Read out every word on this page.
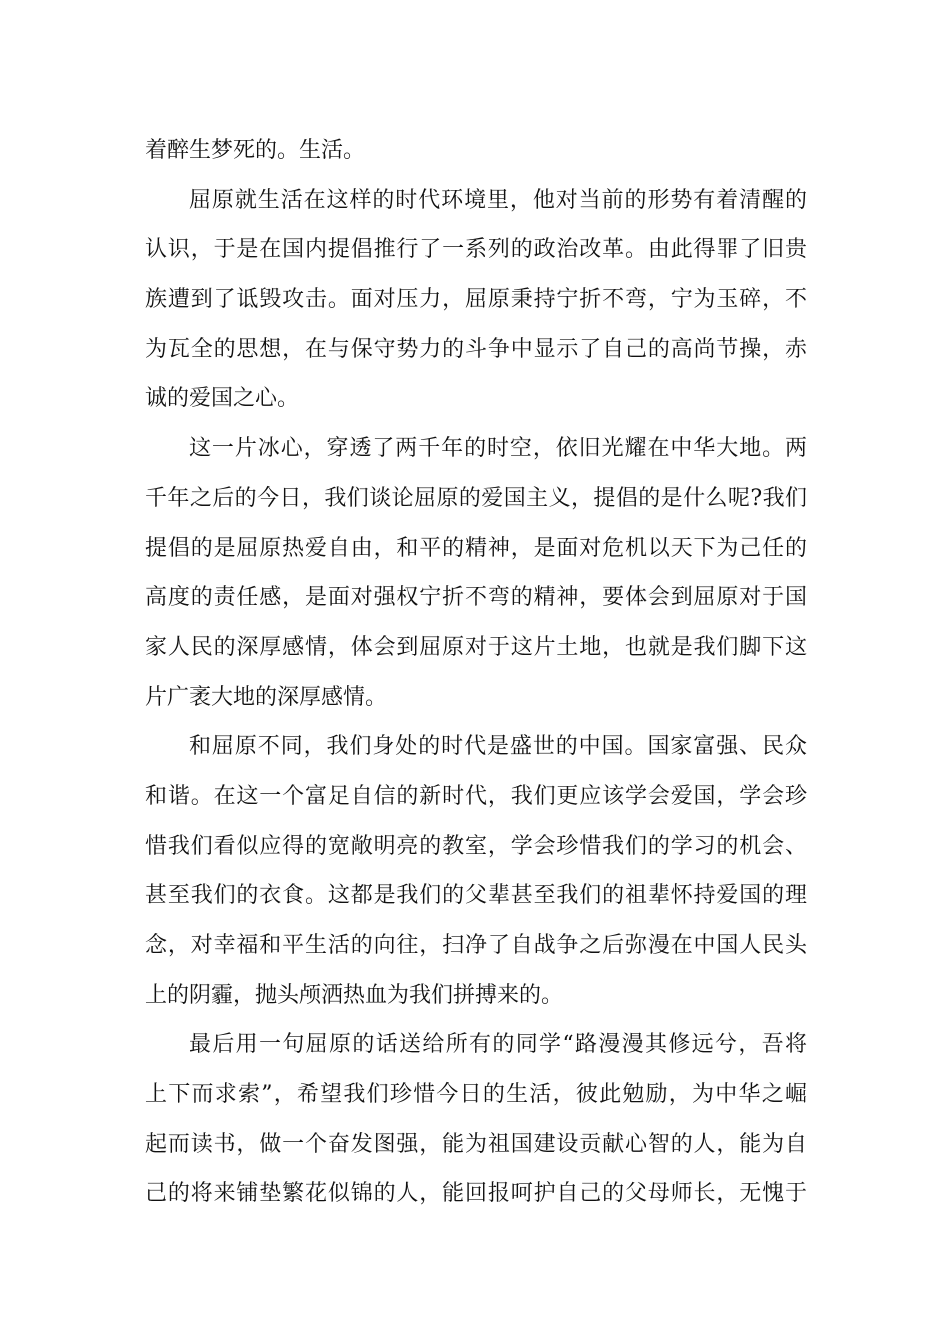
着醉生梦死的。生活。
屈原就生活在这样的时代环境里，他对当前的形势有着清醒的
认识，于是在国内提倡推行了一系列的政治改革。由此得罪了旧贵
族遭到了诋毁攻击。面对压力，屈原秉持宁折不弯，宁为玉碎，不
为瓦全的思想，在与保守势力的斗争中显示了自己的高尚节操，赤
诚的爱国之心。
这一片冰心，穿透了两千年的时空，依旧光耀在中华大地。两
千年之后的今日，我们谈论屈原的爱国主义，提倡的是什么呢?我们
提倡的是屈原热爱自由，和平的精神，是面对危机以天下为己任的
高度的责任感，是面对强权宁折不弯的精神，要体会到屈原对于国
家人民的深厚感情，体会到屈原对于这片土地，也就是我们脚下这
片广袤大地的深厚感情。
和屈原不同，我们身处的时代是盛世的中国。国家富强、民众
和谐。在这一个富足自信的新时代，我们更应该学会爱国，学会珍
惜我们看似应得的宽敞明亮的教室，学会珍惜我们的学习的机会、
甚至我们的衣食。这都是我们的父辈甚至我们的祖辈怀持爱国的理
念，对幸福和平生活的向往，扫净了自战争之后弥漫在中国人民头
上的阴霾，抛头颅洒热血为我们拼搏来的。
最后用一句屈原的话送给所有的同学“路漫漫其修远兮，吾将
上下而求索”，希望我们珍惜今日的生活，彼此勉励，为中华之崛
起而读书，做一个奋发图强，能为祖国建设贡献心智的人，能为自
己的将来铺垫繁花似锦的人，能回报呵护自己的父母师长，无愧于
